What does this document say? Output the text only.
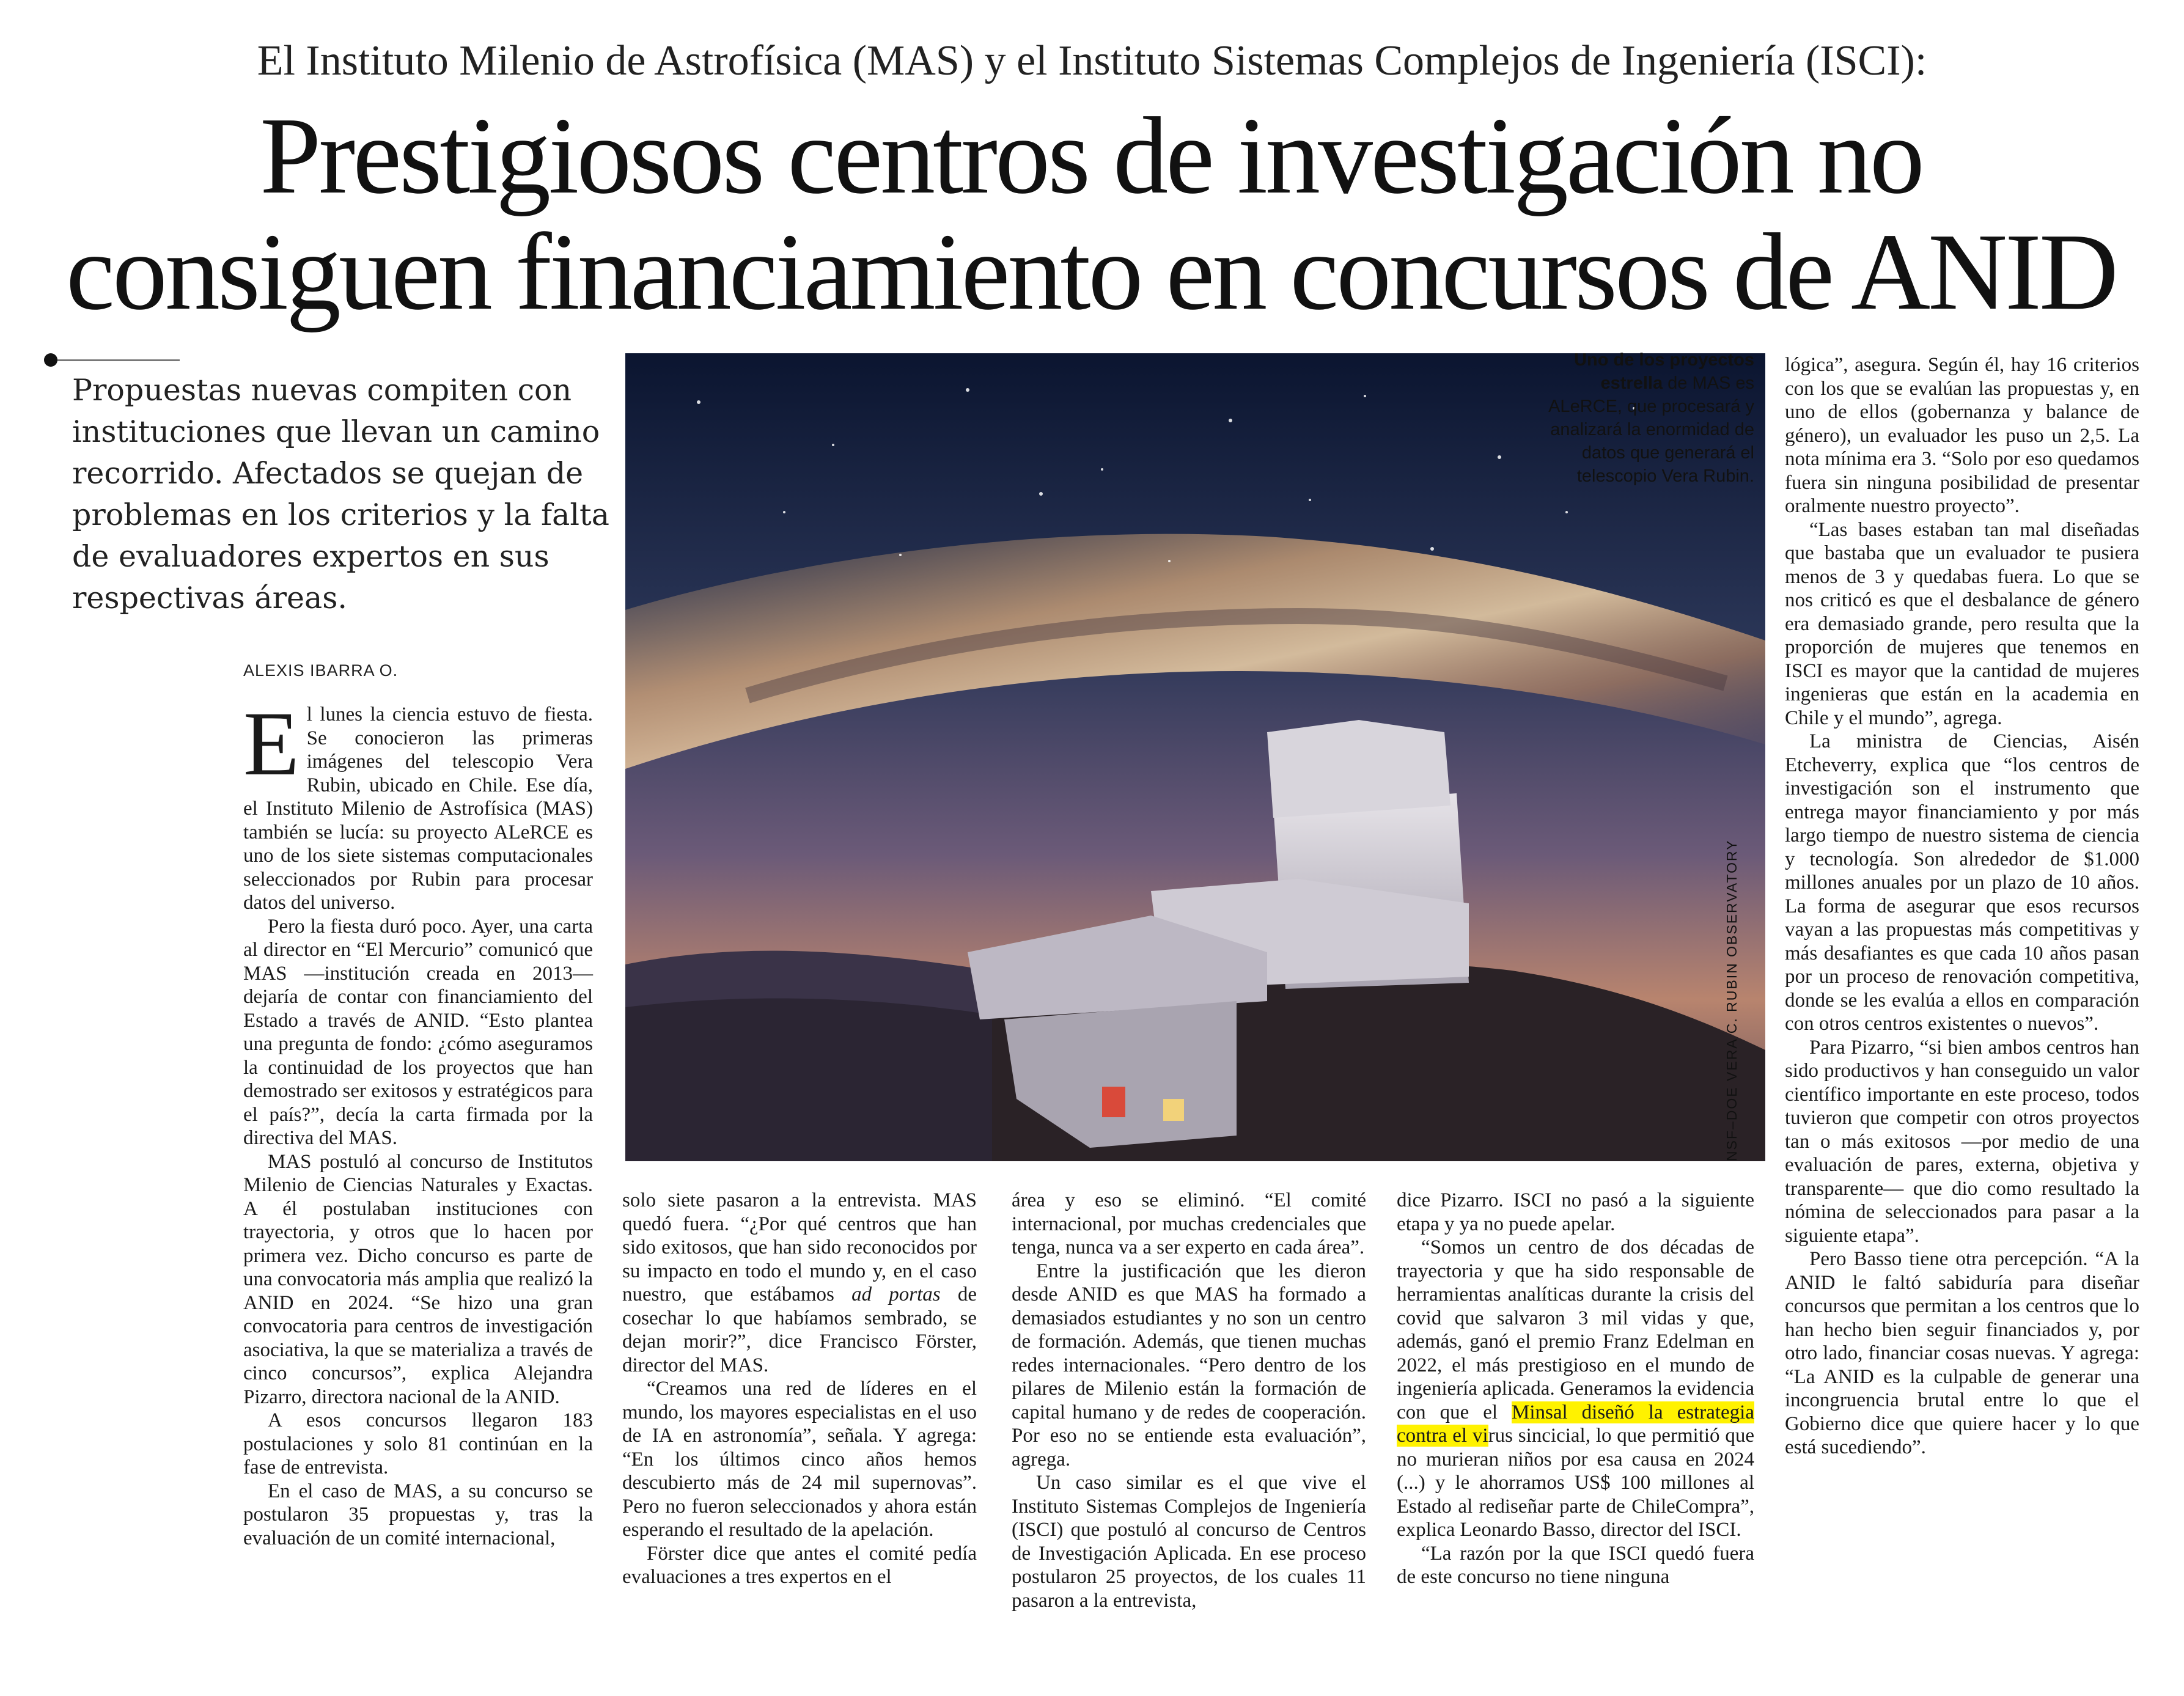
El Instituto Milenio de Astrofísica (MAS) y el Instituto Sistemas Complejos de Ingeniería (ISCI):
Prestigiosos centros de investigación no
consiguen financiamiento en concursos de ANID
Propuestas nuevas compiten con instituciones que llevan un camino recorrido. Afectados se quejan de problemas en los criterios y la falta de evaluadores expertos en sus respectivas áreas.
ALEXIS IBARRA O.
NSF–DOE VERA C. RUBIN OBSERVATORY
Uno de los proyectos estrella de MAS es ALeRCE, que procesará y analizará la enormidad de datos que generará el telescopio Vera Rubin.

El lunes la ciencia estuvo de fiesta. Se conocieron las primeras imágenes del telescopio Vera Rubin, ubicado en Chile. Ese día, el Instituto Milenio de Astrofísica (MAS) también se lucía: su proyecto ALeRCE es uno de los siete sistemas computacionales seleccionados por Rubin para procesar datos del universo.

Pero la fiesta duró poco. Ayer, una carta al director en “El Mercurio” comunicó que MAS —institución creada en 2013— dejaría de contar con financiamiento del Estado a través de ANID. “Esto plantea una pregunta de fondo: ¿cómo aseguramos la continuidad de los proyectos que han demostrado ser exitosos y estratégicos para el país?”, decía la carta firmada por la directiva del MAS.

MAS postuló al concurso de Institutos Milenio de Ciencias Naturales y Exactas. A él postulaban instituciones con trayectoria, y otros que lo hacen por primera vez. Dicho concurso es parte de una convocatoria más amplia que realizó la ANID en 2024. “Se hizo una gran convocatoria para centros de investigación asociativa, la que se materializa a través de cinco concursos”, explica Alejandra Pizarro, directora nacional de la ANID.

A esos concursos llegaron 183 postulaciones y solo 81 continúan en la fase de entrevista.

En el caso de MAS, a su concurso se postularon 35 propuestas y, tras la evaluación de un comité internacional,

solo siete pasaron a la entrevista. MAS quedó fuera. “¿Por qué centros que han sido exitosos, que han sido reconocidos por su impacto en todo el mundo y, en el caso nuestro, que estábamos ad portas de cosechar lo que habíamos sembrado, se dejan morir?”, dice Francisco Förster, director del MAS.

“Creamos una red de líderes en el mundo, los mayores especialistas en el uso de IA en astronomía”, señala. Y agrega: “En los últimos cinco años hemos descubierto más de 24 mil supernovas”. Pero no fueron seleccionados y ahora están esperando el resultado de la apelación.

Förster dice que antes el comité pedía evaluaciones a tres expertos en el

área y eso se eliminó. “El comité internacional, por muchas credenciales que tenga, nunca va a ser experto en cada área”.

Entre la justificación que les dieron desde ANID es que MAS ha formado a demasiados estudiantes y no son un centro de formación. Además, que tienen muchas redes internacionales. “Pero dentro de los pilares de Milenio están la formación de capital humano y de redes de cooperación. Por eso no se entiende esta evaluación”, agrega.

Un caso similar es el que vive el Instituto Sistemas Complejos de Ingeniería (ISCI) que postuló al concurso de Centros de Investigación Aplicada. En ese proceso postularon 25 proyectos, de los cuales 11 pasaron a la entrevista,

dice Pizarro. ISCI no pasó a la siguiente etapa y ya no puede apelar.

“Somos un centro de dos décadas de trayectoria y que ha sido responsable de herramientas analíticas durante la crisis del covid que salvaron 3 mil vidas y que, además, ganó el premio Franz Edelman en 2022, el más prestigioso en el mundo de ingeniería aplicada. Generamos la evidencia con que el Minsal diseñó la estrategia contra el virus sincicial, lo que permitió que no murieran niños por esa causa en 2024 (...) y le ahorramos US$ 100 millones al Estado al rediseñar parte de ChileCompra”, explica Leonardo Basso, director del ISCI.

“La razón por la que ISCI quedó fuera de este concurso no tiene ninguna

lógica”, asegura. Según él, hay 16 criterios con los que se evalúan las propuestas y, en uno de ellos (gobernanza y balance de género), un evaluador les puso un 2,5. La nota mínima era 3. “Solo por eso quedamos fuera sin ninguna posibilidad de presentar oralmente nuestro proyecto”.

“Las bases estaban tan mal diseñadas que bastaba que un evaluador te pusiera menos de 3 y quedabas fuera. Lo que se nos criticó es que el desbalance de género era demasiado grande, pero resulta que la proporción de mujeres que tenemos en ISCI es mayor que la cantidad de mujeres ingenieras que están en la academia en Chile y el mundo”, agrega.

La ministra de Ciencias, Aisén Etcheverry, explica que “los centros de investigación son el instrumento que entrega mayor financiamiento y por más largo tiempo de nuestro sistema de ciencia y tecnología. Son alrededor de $1.000 millones anuales por un plazo de 10 años. La forma de asegurar que esos recursos vayan a las propuestas más competitivas y más desafiantes es que cada 10 años pasan por un proceso de renovación competitiva, donde se les evalúa a ellos en comparación con otros centros existentes o nuevos”.

Para Pizarro, “si bien ambos centros han sido productivos y han conseguido un valor científico importante en este proceso, todos tuvieron que competir con otros proyectos tan o más exitosos —por medio de una evaluación de pares, externa, objetiva y transparente— que dio como resultado la nómina de seleccionados para pasar a la siguiente etapa”.

Pero Basso tiene otra percepción. “A la ANID le faltó sabiduría para diseñar concursos que permitan a los centros que lo han hecho bien seguir financiados y, por otro lado, financiar cosas nuevas. Y agrega: “La ANID es la culpable de generar una incongruencia brutal entre lo que el Gobierno dice que quiere hacer y lo que está sucediendo”.
